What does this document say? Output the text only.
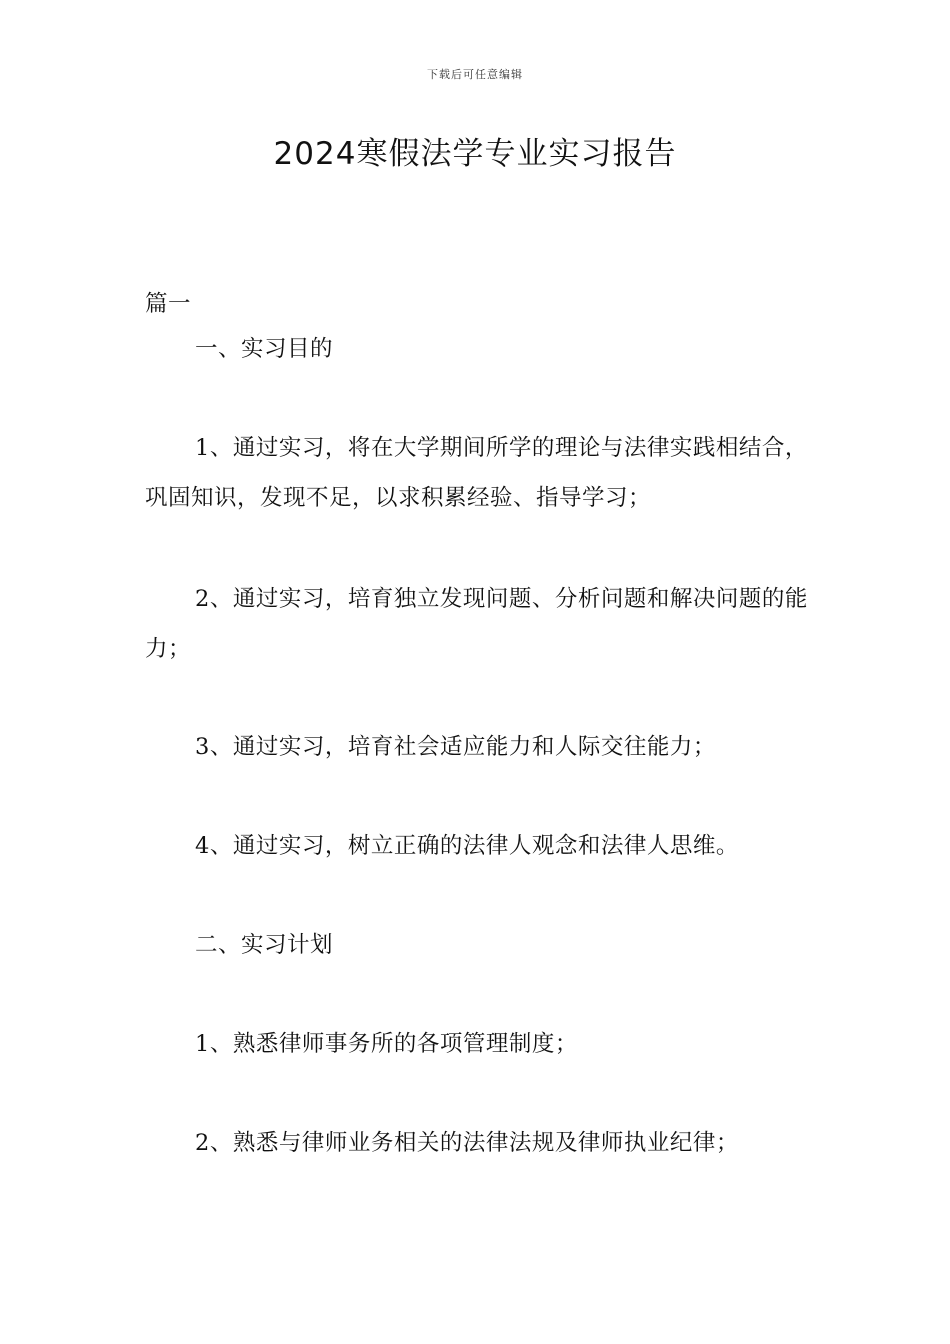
下载后可任意编辑
2024寒假法学专业实习报告

篇一

一、实习目的

1、通过实习，将在大学期间所学的理论与法律实践相结合，巩固知识，发现不足，以求积累经验、指导学习；

2、通过实习，培育独立发现问题、分析问题和解决问题的能力；

3、通过实习，培育社会适应能力和人际交往能力；

4、通过实习，树立正确的法律人观念和法律人思维。

二、实习计划

1、熟悉律师事务所的各项管理制度；

2、熟悉与律师业务相关的法律法规及律师执业纪律；
